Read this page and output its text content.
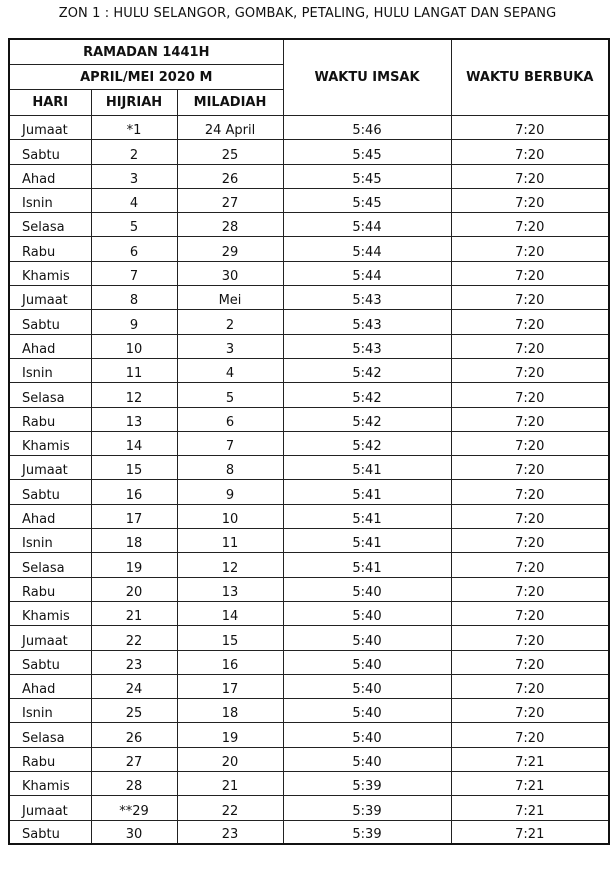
ZON 1 : HULU SELANGOR, GOMBAK, PETALING, HULU LANGAT DAN SEPANG
RAMADAN 1441H			WAKTU IMSAK	WAKTU BERBUKA
APRIL/MEI 2020 M				
HARI	HIJRIAH	MILADIAH		
Jumaat	*1	24 April	5:46	7:20
Sabtu	2	25	5:45	7:20
Ahad	3	26	5:45	7:20
Isnin	4	27	5:45	7:20
Selasa	5	28	5:44	7:20
Rabu	6	29	5:44	7:20
Khamis	7	30	5:44	7:20
Jumaat	8	Mei	5:43	7:20
Sabtu	9	2	5:43	7:20
Ahad	10	3	5:43	7:20
Isnin	11	4	5:42	7:20
Selasa	12	5	5:42	7:20
Rabu	13	6	5:42	7:20
Khamis	14	7	5:42	7:20
Jumaat	15	8	5:41	7:20
Sabtu	16	9	5:41	7:20
Ahad	17	10	5:41	7:20
Isnin	18	11	5:41	7:20
Selasa	19	12	5:41	7:20
Rabu	20	13	5:40	7:20
Khamis	21	14	5:40	7:20
Jumaat	22	15	5:40	7:20
Sabtu	23	16	5:40	7:20
Ahad	24	17	5:40	7:20
Isnin	25	18	5:40	7:20
Selasa	26	19	5:40	7:20
Rabu	27	20	5:40	7:21
Khamis	28	21	5:39	7:21
Jumaat	**29	22	5:39	7:21
Sabtu	30	23	5:39	7:21
